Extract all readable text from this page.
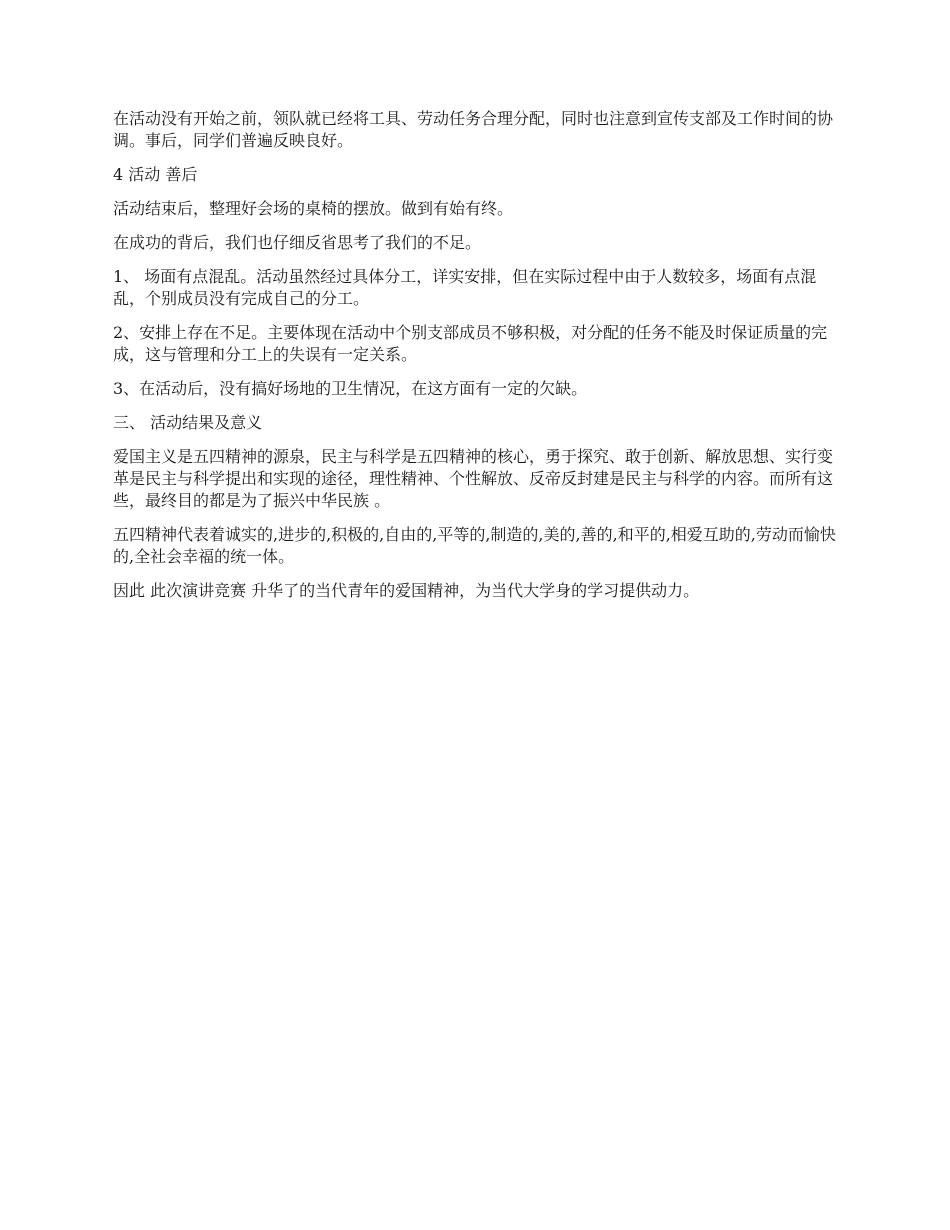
在活动没有开始之前，领队就已经将工具、劳动任务合理分配，同时也注意到宣传支部及工作时间的协调。事后，同学们普遍反映良好。

4 活动 善后

活动结束后，整理好会场的桌椅的摆放。做到有始有终。

在成功的背后，我们也仔细反省思考了我们的不足。

1、 场面有点混乱。活动虽然经过具体分工，详实安排，但在实际过程中由于人数较多，场面有点混乱，个别成员没有完成自己的分工。

2、安排上存在不足。主要体现在活动中个别支部成员不够积极，对分配的任务不能及时保证质量的完成，这与管理和分工上的失误有一定关系。

3、在活动后，没有搞好场地的卫生情况，在这方面有一定的欠缺。

三、 活动结果及意义

爱国主义是五四精神的源泉，民主与科学是五四精神的核心，勇于探究、敢于创新、解放思想、实行变革是民主与科学提出和实现的途径，理性精神、个性解放、反帝反封建是民主与科学的内容。而所有这些，最终目的都是为了振兴中华民族 。

五四精神代表着诚实的,进步的,积极的,自由的,平等的,制造的,美的,善的,和平的,相爱互助的,劳动而愉快的,全社会幸福的统一体。

因此 此次演讲竞赛 升华了的当代青年的爱国精神，为当代大学身的学习提供动力。
